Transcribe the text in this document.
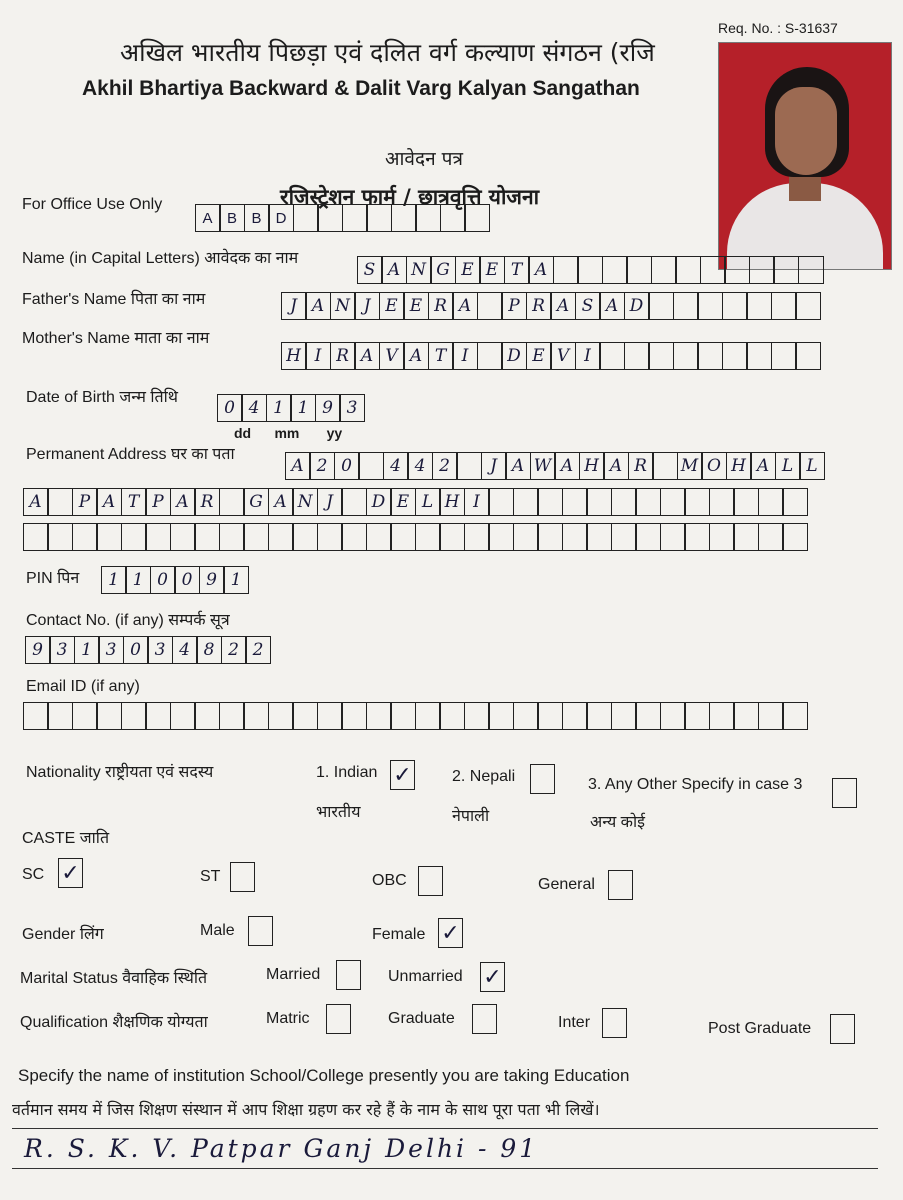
Req. No. : S-31637
अखिल भारतीय पिछड़ा एवं दलित वर्ग कल्याण संगठन (रजि
Akhil Bhartiya Backward & Dalit Varg Kalyan Sangathan
आवेदन पत्र
रजिस्ट्रेशन फार्म / छात्रवृत्ति योजना
For Office Use Only
A B B D
Name (in Capital Letters) आवेदक का नाम
S A N G E E T A
Father's Name पिता का नाम	J A N J E E R A	P R A S A D
Mother's Name माता का नाम
H I R A V A T I	D E V I
Date of Birth जन्म तिथि
0 4 1 1 9 3
dd      mm       yy
Permanent Address घर का पता
A 2 0	4 4 2	J A W A H A R	M O H A L L
A	P A T P A R	G A N J	D E L H I
PIN पिन	1 1 0 0 9 1
Contact No. (if any) सम्पर्क सूत्र
9 3 1 3 0 3 4 8 2 2
Email ID (if any)
Nationality राष्ट्रीयता एवं सदस्य	1. Indian ✓
भारतीय
2. Nepali
नेपाली
3. Any Other Specify in case 3
अन्य कोई
CASTE जाति
SC ✓	ST	OBC	General
Gender लिंग	Male	Female ✓
Marital Status वैवाहिक स्थिति	Married	Unmarried ✓
Qualification शैक्षणिक योग्यता	Matric	Graduate	Inter	Post Graduate
Specify the name of institution School/College presently you are taking Education
वर्तमान समय में जिस शिक्षण संस्थान में आप शिक्षा ग्रहण कर रहे हैं के नाम के साथ पूरा पता भी लिखें।
R. S. K. V. Patpar Ganj Delhi - 91
